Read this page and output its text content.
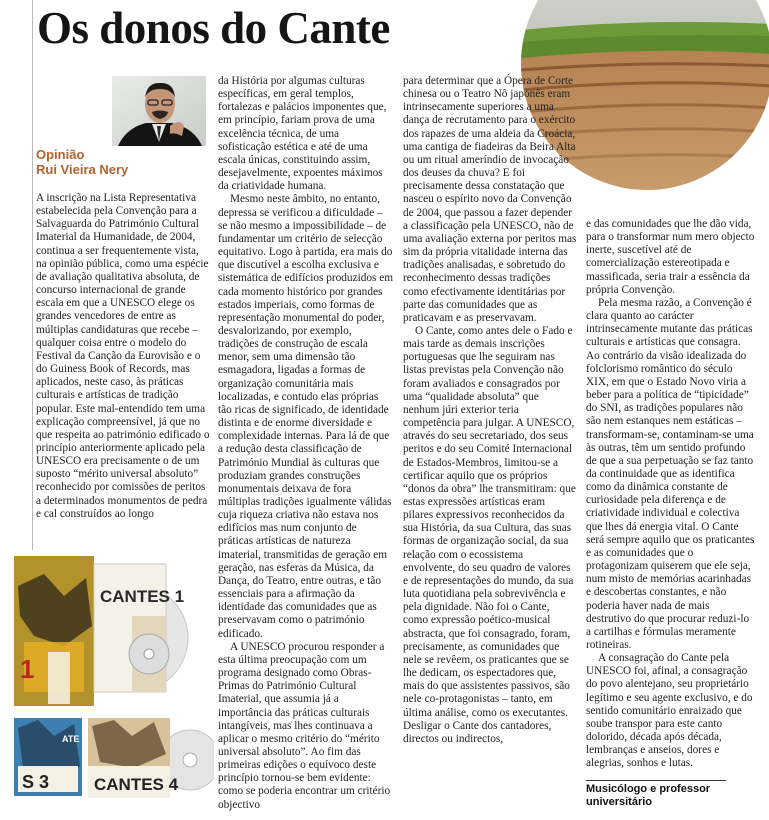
Os donos do Cante
Opinião
Rui Vieira Nery

A inscrição na Lista Representativa estabelecida pela Convenção para a Salvaguarda do Património Cultural Imaterial da Humanidade, de 2004, continua a ser frequentemente vista, na opinião pública, como uma espécie de avaliação qualitativa absoluta, de concurso internacional de grande escala em que a UNESCO elege os grandes vencedores de entre as múltiplas candidaturas que recebe – qualquer coisa entre o modelo do Festival da Canção da Eurovisão e o do Guiness Book of Records, mas aplicados, neste caso, às práticas culturais e artísticas de tradição popular. Este mal-entendido tem uma explicação compreensível, já que no que respeita ao património edificado o princípio anteriormente aplicado pela UNESCO era precisamente o de um suposto “mérito universal absoluto” reconhecido por comissões de peritos a determinados monumentos de pedra e cal construídos ao longo

da História por algumas culturas específicas, em geral templos, fortalezas e palácios imponentes que, em princípio, fariam prova de uma excelência técnica, de uma sofisticação estética e até de uma escala únicas, constituindo assim, desejavelmente, expoentes máximos da criatividade humana.

Mesmo neste âmbito, no entanto, depressa se verificou a dificuldade – se não mesmo a impossibilidade – de fundamentar um critério de selecção equitativo. Logo à partida, era mais do que discutível a escolha exclusiva e sistemática de edifícios produzidos em cada momento histórico por grandes estados imperiais, como formas de representação monumental do poder, desvalorizando, por exemplo, tradições de construção de escala menor, sem uma dimensão tão esmagadora, ligadas a formas de organização comunitária mais localizadas, e contudo elas próprias tão ricas de significado, de identidade distinta e de enorme diversidade e complexidade internas. Para lá de que a redução desta classificação de Património Mundial às culturas que produziam grandes construções monumentais deixava de fora múltiplas tradições igualmente válidas cuja riqueza criativa não estava nos edifícios mas num conjunto de práticas artísticas de natureza imaterial, transmitidas de geração em geração, nas esferas da Música, da Dança, do Teatro, entre outras, e tão essenciais para a afirmação da identidade das comunidades que as preservavam como o património edificado.

A UNESCO procurou responder a esta última preocupação com um programa designado como Obras-Primas do Património Cultural Imaterial, que assumia já a importância das práticas culturais intangíveis, mas lhes continuava a aplicar o mesmo critério do “mérito universal absoluto”. Ao fim das primeiras edições o equívoco deste princípio tornou-se bem evidente: como se poderia encontrar um critério objectivo

para determinar que a Ópera de Corte chinesa ou o Teatro Nô japonês eram intrinsecamente superiores a uma dança de recrutamento para o exército dos rapazes de uma aldeia da Croácia, uma cantiga de fiadeiras da Beira Alta ou um ritual ameríndio de invocação dos deuses da chuva? E foi precisamente dessa constatação que nasceu o espírito novo da Convenção de 2004, que passou a fazer depender a classificação pela UNESCO, não de uma avaliação externa por peritos mas sim da própria vitalidade interna das tradições analisadas, e sobretudo do reconhecimento dessas tradições como efectivamente identitárias por parte das comunidades que as praticavam e as preservavam.

O Cante, como antes dele o Fado e mais tarde as demais inscrições portuguesas que lhe seguiram nas listas previstas pela Convenção não foram avaliados e consagrados por uma “qualidade absoluta” que nenhum júri exterior teria competência para julgar. A UNESCO, através do seu secretariado, dos seus peritos e do seu Comité Internacional de Estados-Membros, limitou-se a certificar aquilo que os próprios “donos da obra” lhe transmitiram: que estas expressões artísticas eram pilares expressivos reconhecidos da sua História, da sua Cultura, das suas formas de organização social, da sua relação com o ecossistema envolvente, do seu quadro de valores e de representações do mundo, da sua luta quotidiana pela sobrevivência e pela dignidade. Não foi o Cante, como expressão poético-musical abstracta, que foi consagrado, foram, precisamente, as comunidades que nele se revêem, os praticantes que se lhe dedicam, os espectadores que, mais do que assistentes passivos, são nele co-protagonistas – tanto, em última análise, como os executantes. Desligar o Cante dos cantadores, directos ou indirectos,

e das comunidades que lhe dão vida, para o transformar num mero objecto inerte, suscetível até de comercialização estereotipada e massificada, seria trair a essência da própria Convenção.

Pela mesma razão, a Convenção é clara quanto ao carácter intrinsecamente mutante das práticas culturais e artísticas que consagra. Ao contrário da visão idealizada do folclorismo romântico do século XIX, em que o Estado Novo viria a beber para a política de “tipicidade” do SNI, as tradições populares não são nem estanques nem estáticas – transformam-se, contaminam-se uma às outras, têm um sentido profundo de que a sua perpetuação se faz tanto da continuidade que as identifica como da dinâmica constante de curiosidade pela diferença e de criatividade individual e colectiva que lhes dá energia vital. O Cante será sempre aquilo que os praticantes e as comunidades que o protagonizam quiserem que ele seja, num misto de memórias acarinhadas e descobertas constantes, e não poderia haver nada de mais destrutivo do que procurar reduzi-lo a cartilhas e fórmulas meramente rotineiras.

A consagração do Cante pela UNESCO foi, afinal, a consagração do povo alentejano, seu proprietário legítimo e seu agente exclusivo, e do sentido comunitário enraizado que soube transpor para este canto dolorido, década após década, lembranças e anseios, dores e alegrias, sonhos e lutas.

CANTES 1
1
S 3	CANTES 4
ATE
Musicólogo e professor universitário
